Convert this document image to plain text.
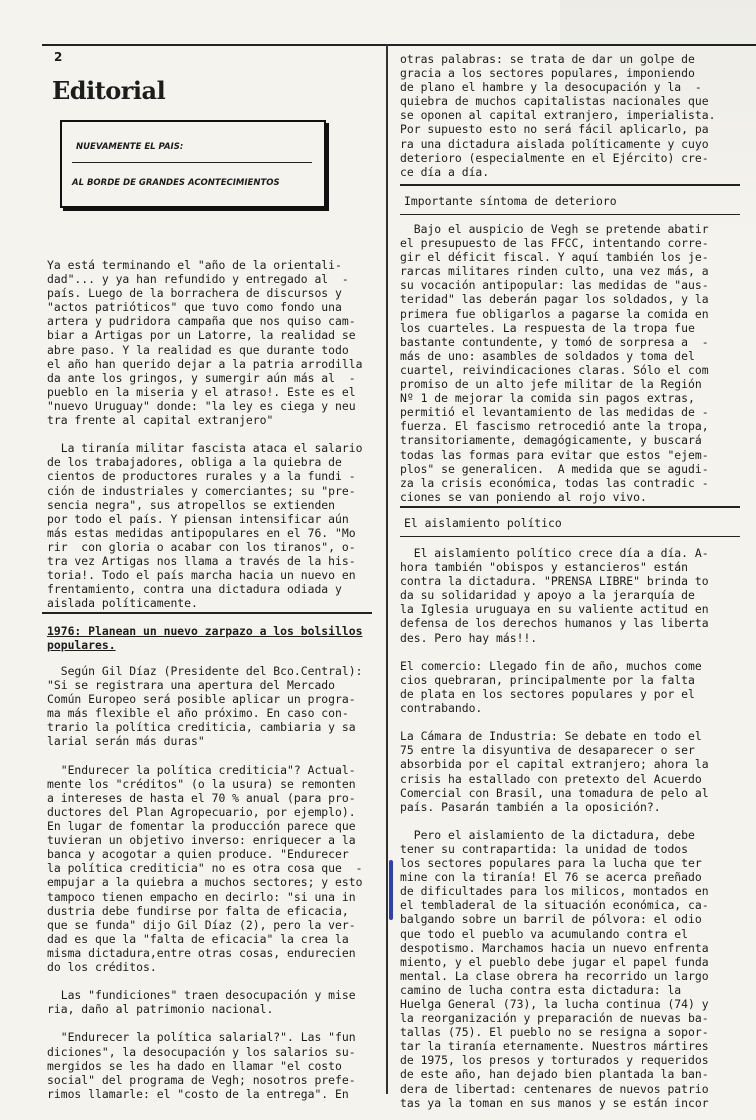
2
Editorial
NUEVAMENTE EL PAIS:
AL BORDE DE GRANDES ACONTECIMIENTOS
Ya está terminando el "año de la orientali-
dad"... y ya han refundido y entregado al  -
país. Luego de la borrachera de discursos y
"actos patrióticos" que tuvo como fondo una
artera y pudridora campaña que nos quiso cam-
biar a Artigas por un Latorre, la realidad se
abre paso. Y la realidad es que durante todo
el año han querido dejar a la patria arrodilla
da ante los gringos, y sumergir aún más al  -
pueblo en la miseria y el atraso!. Este es el
"nuevo Uruguay" donde: "la ley es ciega y neu
tra frente al capital extranjero"

La tiranía militar fascista ataca el salario
de los trabajadores, obliga a la quiebra de
cientos de productores rurales y a la fundi -
ción de industriales y comerciantes; su "pre-
sencia negra", sus atropellos se extienden
por todo el país. Y piensan intensificar aún
más estas medidas antipopulares en el 76. "Mo
rir  con gloria o acabar con los tiranos", o-
tra vez Artigas nos llama a través de la his-
toria!. Todo el país marcha hacia un nuevo en
frentamiento, contra una dictadura odiada y
aislada políticamente.
1976: Planean un nuevo zarpazo a los bolsillos
populares.
Según Gil Díaz (Presidente del Bco.Central):
"Si se registrara una apertura del Mercado
Común Europeo será posible aplicar un progra-
ma más flexible el año próximo. En caso con-
trario la política crediticia, cambiaria y sa
larial serán más duras"

"Endurecer la política crediticia"? Actual-
mente los "créditos" (o la usura) se remonten
a intereses de hasta el 70 % anual (para pro-
ductores del Plan Agropecuario, por ejemplo).
En lugar de fomentar la producción parece que
tuvieran un objetivo inverso: enriquecer a la
banca y acogotar a quien produce. "Endurecer
la política crediticia" no es otra cosa que  -
empujar a la quiebra a muchos sectores; y esto
tampoco tienen empacho en decirlo: "si una in
dustria debe fundirse por falta de eficacia,
que se funda" dijo Gil Díaz (2), pero la ver-
dad es que la "falta de eficacia" la crea la
misma dictadura,entre otras cosas, endurecien
do los créditos.

Las "fundiciones" traen desocupación y mise
ria, daño al patrimonio nacional.

"Endurecer la política salarial?". Las "fun
diciones", la desocupación y los salarios su-
mergidos se les ha dado en llamar "el costo
social" del programa de Vegh; nosotros prefe-
rimos llamarle: el "costo de la entrega". En
otras palabras: se trata de dar un golpe de
gracia a los sectores populares, imponiendo
de plano el hambre y la desocupación y la  -
quiebra de muchos capitalistas nacionales que
se oponen al capital extranjero, imperialista.
Por supuesto esto no será fácil aplicarlo, pa
ra una dictadura aislada políticamente y cuyo
deterioro (especialmente en el Ejército) cre-
ce día a día.
Importante síntoma de deterioro
Bajo el auspicio de Vegh se pretende abatir
el presupuesto de las FFCC, intentando corre-
gir el déficit fiscal. Y aquí también los je-
rarcas militares rinden culto, una vez más, a
su vocación antipopular: las medidas de "aus-
teridad" las deberán pagar los soldados, y la
primera fue obligarlos a pagarse la comida en
los cuarteles. La respuesta de la tropa fue
bastante contundente, y tomó de sorpresa a  -
más de uno: asambles de soldados y toma del
cuartel, reivindicaciones claras. Sólo el com
promiso de un alto jefe militar de la Región
Nº 1 de mejorar la comida sin pagos extras,
permitió el levantamiento de las medidas de -
fuerza. El fascismo retrocedió ante la tropa,
transitoriamente, demagógicamente, y buscará
todas las formas para evitar que estos "ejem-
plos" se generalicen.  A medida que se agudi-
za la crisis económica, todas las contradic -
ciones se van poniendo al rojo vivo.
El aislamiento político
El aislamiento político crece día a día. A-
hora también "obispos y estancieros" están
contra la dictadura. "PRENSA LIBRE" brinda to
da su solidaridad y apoyo a la jerarquía de
la Iglesia uruguaya en su valiente actitud en
defensa de los derechos humanos y las liberta
des. Pero hay más!!.

El comercio: Llegado fin de año, muchos come
cios quebraran, principalmente por la falta
de plata en los sectores populares y por el
contrabando.

La Cámara de Industria: Se debate en todo el
75 entre la disyuntiva de desaparecer o ser
absorbida por el capital extranjero; ahora la
crisis ha estallado con pretexto del Acuerdo
Comercial con Brasil, una tomadura de pelo al
país. Pasarán también a la oposición?.

Pero el aislamiento de la dictadura, debe
tener su contrapartida: la unidad de todos
los sectores populares para la lucha que ter
mine con la tiranía! El 76 se acerca preñado
de dificultades para los milicos, montados en
el tembladeral de la situación económica, ca-
balgando sobre un barril de pólvora: el odio
que todo el pueblo va acumulando contra el
despotismo. Marchamos hacia un nuevo enfrenta
miento, y el pueblo debe jugar el papel funda
mental. La clase obrera ha recorrido un largo
camino de lucha contra esta dictadura: la
Huelga General (73), la lucha continua (74) y
la reorganización y preparación de nuevas ba-
tallas (75). El pueblo no se resigna a sopor-
tar la tiranía eternamente. Nuestros mártires
de 1975, los presos y torturados y requeridos
de este año, han dejado bien plantada la ban-
dera de libertad: centenares de nuevos patrio
tas ya la toman en sus manos y se están incor
